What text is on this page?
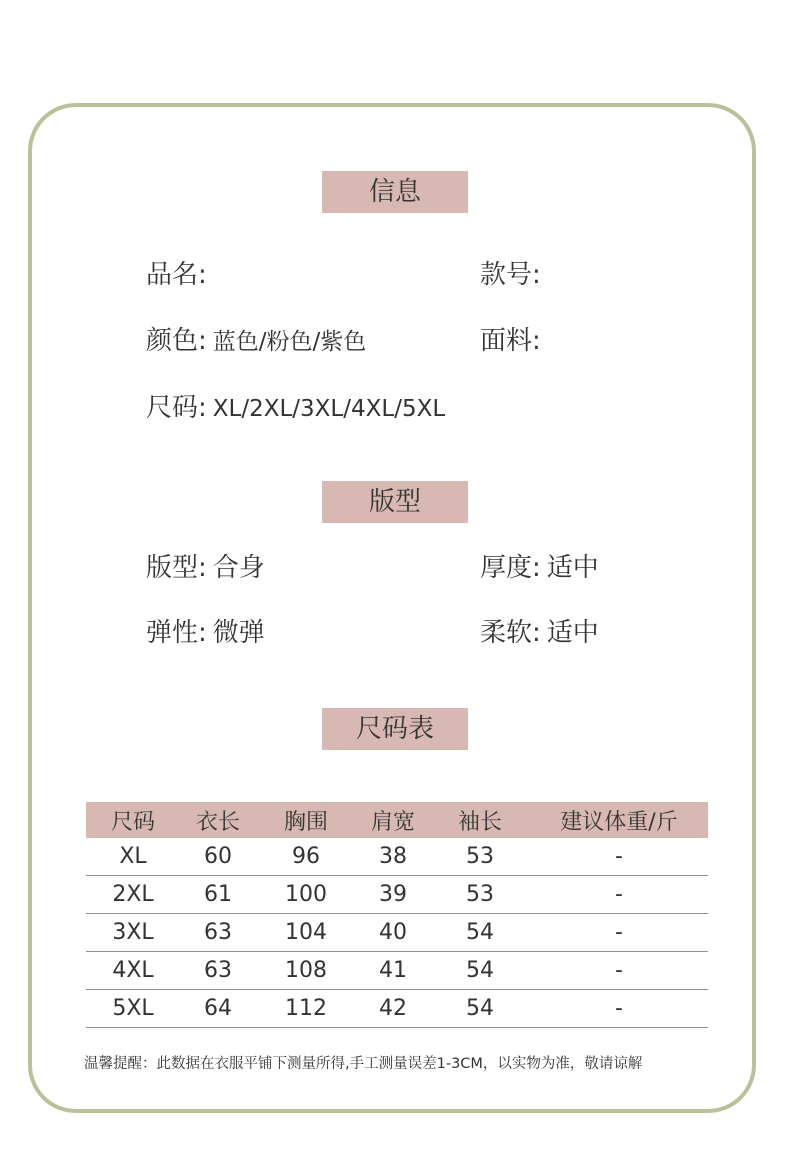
信息
品名:	款号:
颜色: 蓝色/粉色/紫色	面料:
尺码: XL/2XL/3XL/4XL/5XL
版型
版型: 合身	厚度: 适中
弹性: 微弹	柔软: 适中
尺码表
尺码	衣长	胸围	肩宽	袖长	建议体重/斤
XL	60	96	38	53	-
2XL	61	100	39	53	-
3XL	63	104	40	54	-
4XL	63	108	41	54	-
5XL	64	112	42	54	-
温馨提醒：此数据在衣服平铺下测量所得,手工测量误差1-3CM，以实物为准，敬请谅解
